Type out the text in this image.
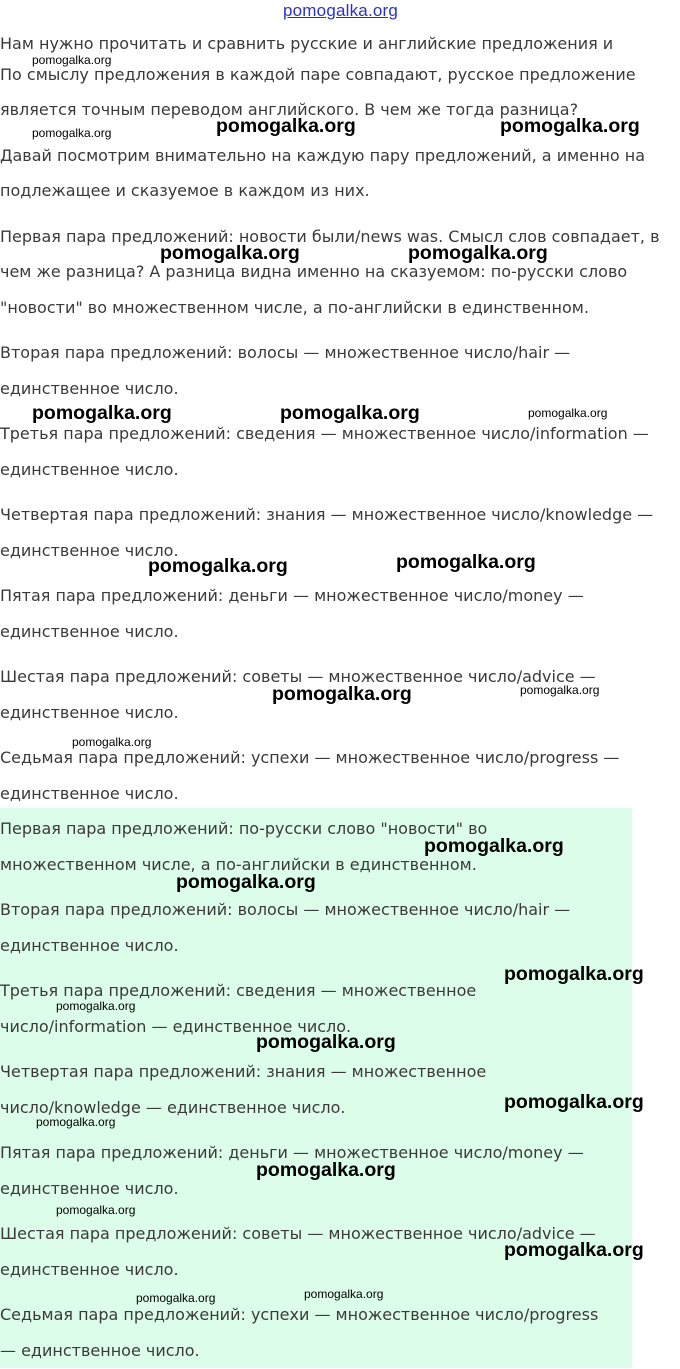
pomogalka.org

Нам нужно прочитать и сравнить русские и английские предложения и

По смыслу предложения в каждой паре совпадают, русское предложение

является точным переводом английского. В чем же тогда разница?

Давай посмотрим внимательно на каждую пару предложений, а именно на

подлежащее и сказуемое в каждом из них.

Первая пара предложений: новости были/news was. Смысл слов совпадает, в

чем же разница? А разница видна именно на сказуемом: по-русски слово

"новости" во множественном числе, а по-английски в единственном.

Вторая пара предложений: волосы — множественное число/hair —

единственное число.

Третья пара предложений: сведения — множественное число/information —

единственное число.

Четвертая пара предложений: знания — множественное число/knowledge —

единственное число.

Пятая пара предложений: деньги — множественное число/money —

единственное число.

Шестая пара предложений: советы — множественное число/advice —

единственное число.

Седьмая пара предложений: успехи — множественное число/progress —

единственное число.

Первая пара предложений: по-русски слово "новости" во

множественном числе, а по-английски в единственном.

Вторая пара предложений: волосы — множественное число/hair —

единственное число.

Третья пара предложений: сведения — множественное

число/information — единственное число.

Четвертая пара предложений: знания — множественное

число/knowledge — единственное число.

Пятая пара предложений: деньги — множественное число/money —

единственное число.

Шестая пара предложений: советы — множественное число/advice —

единственное число.

Седьмая пара предложений: успехи — множественное число/progress

— единственное число.

pomogalka.org
pomogalka.org	pomogalka.org	pomogalka.org
pomogalka.org	pomogalka.org
pomogalka.org	pomogalka.org	pomogalka.org
pomogalka.org	pomogalka.org
pomogalka.org	pomogalka.org
pomogalka.org
pomogalka.org
pomogalka.org
pomogalka.org
pomogalka.org
pomogalka.org
pomogalka.org
pomogalka.org
pomogalka.org
pomogalka.org
pomogalka.org
pomogalka.org	pomogalka.org
